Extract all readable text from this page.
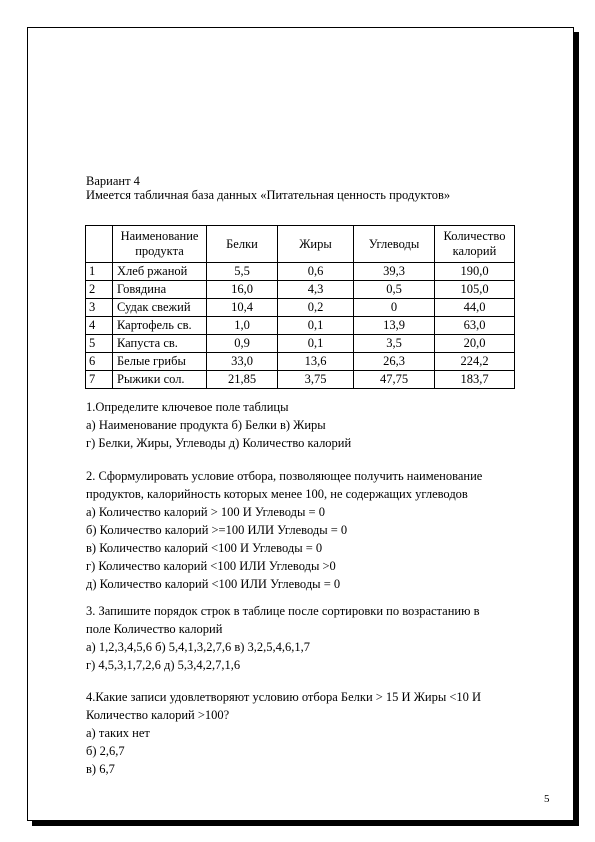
Вариант 4
Имеется табличная база данных «Питательная ценность продуктов»
	Наименование продукта	Белки	Жиры	Углеводы	Количество калорий
1	Хлеб ржаной	5,5	0,6	39,3	190,0
2	Говядина	16,0	4,3	0,5	105,0
3	Судак свежий	10,4	0,2	0	44,0
4	Картофель св.	1,0	0,1	13,9	63,0
5	Капуста св.	0,9	0,1	3,5	20,0
6	Белые грибы	33,0	13,6	26,3	224,2
7	Рыжики сол.	21,85	3,75	47,75	183,7
1.Определите ключевое поле таблицы
а) Наименование продукта б) Белки в) Жиры
г) Белки, Жиры, Углеводы д) Количество калорий
2. Сформулировать условие отбора, позволяющее получить наименование
продуктов, калорийность которых менее 100, не содержащих углеводов
а) Количество калорий > 100 И Углеводы = 0
б) Количество калорий >=100 ИЛИ Углеводы = 0
в) Количество калорий <100 И Углеводы = 0
г) Количество калорий <100 ИЛИ Углеводы >0
д) Количество калорий <100 ИЛИ Углеводы = 0
3. Запишите порядок строк в таблице после сортировки по возрастанию в
поле Количество калорий
а) 1,2,3,4,5,6 б) 5,4,1,3,2,7,6 в) 3,2,5,4,6,1,7
г) 4,5,3,1,7,2,6 д) 5,3,4,2,7,1,6
4.Какие записи удовлетворяют условию отбора Белки > 15 И Жиры <10 И
Количество калорий >100?
а) таких нет
б) 2,6,7
в) 6,7
5
